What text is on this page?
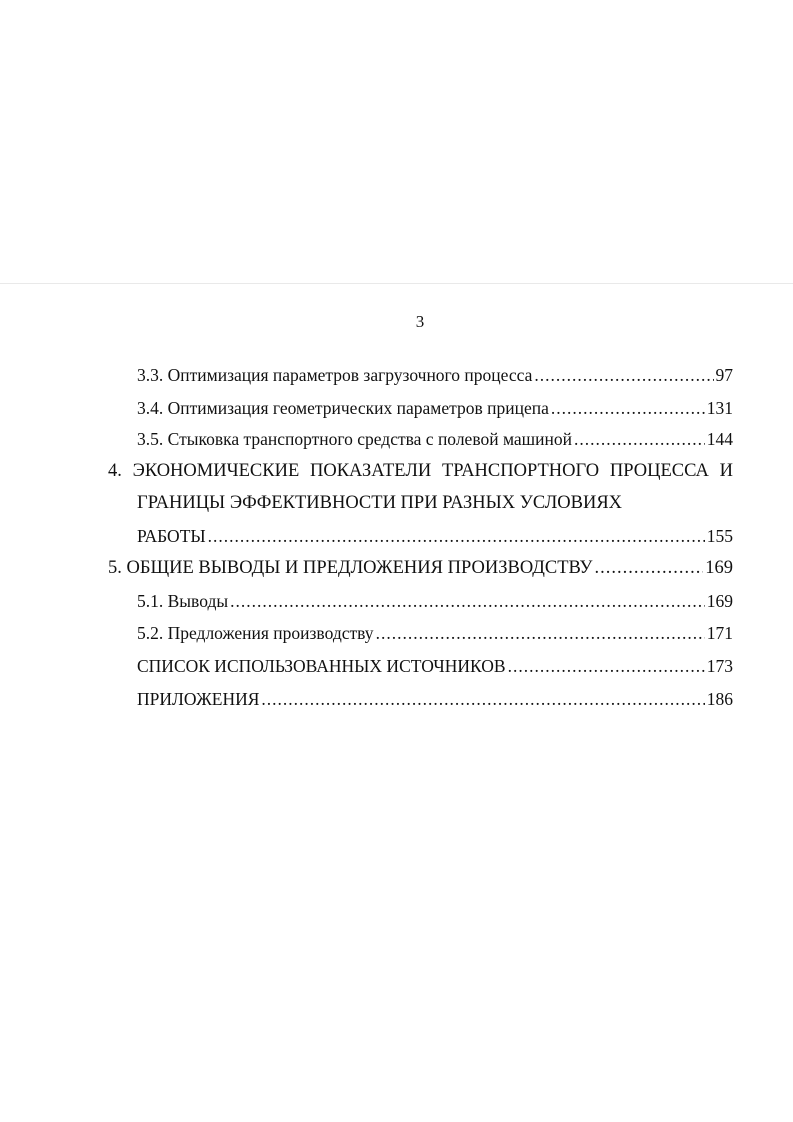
3
3.3. Оптимизация параметров загрузочного процесса .....	97
3.4. Оптимизация геометрических параметров прицепа .....	131
3.5. Стыковка транспортного средства с полевой машиной .....	144
4. ЭКОНОМИЧЕСКИЕ ПОКАЗАТЕЛИ ТРАНСПОРТНОГО ПРОЦЕССА И
ГРАНИЦЫ ЭФФЕКТИВНОСТИ ПРИ РАЗНЫХ УСЛОВИЯХ
РАБОТЫ .....	155
5. ОБЩИЕ ВЫВОДЫ И ПРЕДЛОЖЕНИЯ ПРОИЗВОДСТВУ .....	169
5.1. Выводы .....	169
5.2. Предложения производству .....	171
СПИСОК ИСПОЛЬЗОВАННЫХ ИСТОЧНИКОВ .....	173
ПРИЛОЖЕНИЯ .....	186
